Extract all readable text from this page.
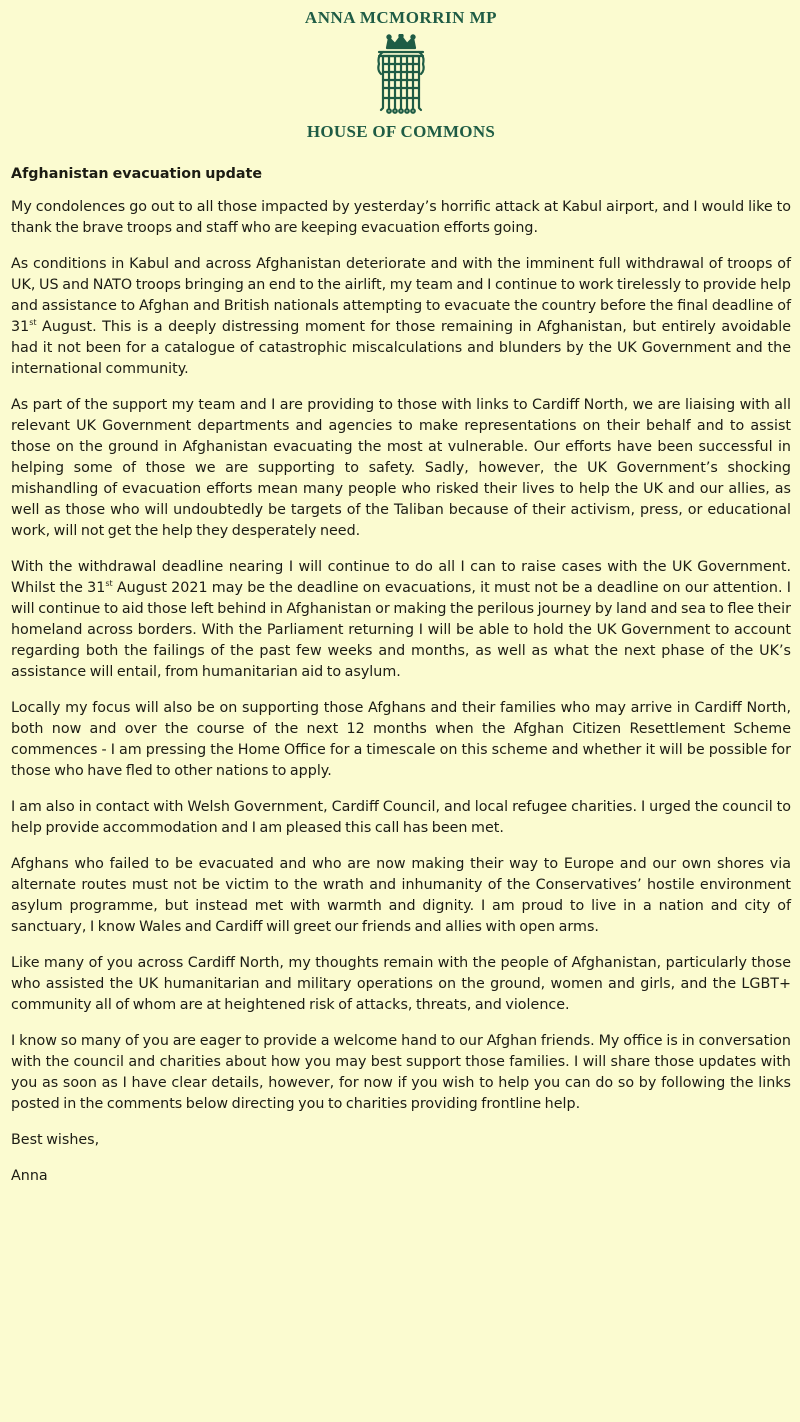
ANNA MCMORRIN MP
HOUSE OF COMMONS
Afghanistan evacuation update

My condolences go out to all those impacted by yesterday’s horrific attack at Kabul airport, and I would like to thank the brave troops and staff who are keeping evacuation efforts going.

As conditions in Kabul and across Afghanistan deteriorate and with the imminent full withdrawal of troops of UK, US and NATO troops bringing an end to the airlift, my team and I continue to work tirelessly to provide help and assistance to Afghan and British nationals attempting to evacuate the country before the final deadline of 31st August. This is a deeply distressing moment for those remaining in Afghanistan, but entirely avoidable had it not been for a catalogue of catastrophic miscalculations and blunders by the UK Government and the international community.

As part of the support my team and I are providing to those with links to Cardiff North, we are liaising with all relevant UK Government departments and agencies to make representations on their behalf and to assist those on the ground in Afghanistan evacuating the most at vulnerable. Our efforts have been successful in helping some of those we are supporting to safety. Sadly, however, the UK Government’s shocking mishandling of evacuation efforts mean many people who risked their lives to help the UK and our allies, as well as those who will undoubtedly be targets of the Taliban because of their activism, press, or educational work, will not get the help they desperately need.

With the withdrawal deadline nearing I will continue to do all I can to raise cases with the UK Government. Whilst the 31st August 2021 may be the deadline on evacuations, it must not be a deadline on our attention. I will continue to aid those left behind in Afghanistan or making the perilous journey by land and sea to flee their homeland across borders. With the Parliament returning I will be able to hold the UK Government to account regarding both the failings of the past few weeks and months, as well as what the next phase of the UK’s assistance will entail, from humanitarian aid to asylum.

Locally my focus will also be on supporting those Afghans and their families who may arrive in Cardiff North, both now and over the course of the next 12 months when the Afghan Citizen Resettlement Scheme commences - I am pressing the Home Office for a timescale on this scheme and whether it will be possible for those who have fled to other nations to apply.

I am also in contact with Welsh Government, Cardiff Council, and local refugee charities. I urged the council to help provide accommodation and I am pleased this call has been met.

Afghans who failed to be evacuated and who are now making their way to Europe and our own shores via alternate routes must not be victim to the wrath and inhumanity of the Conservatives’ hostile environment asylum programme, but instead met with warmth and dignity. I am proud to live in a nation and city of sanctuary, I know Wales and Cardiff will greet our friends and allies with open arms.

Like many of you across Cardiff North, my thoughts remain with the people of Afghanistan, particularly those who assisted the UK humanitarian and military operations on the ground, women and girls, and the LGBT+ community all of whom are at heightened risk of attacks, threats, and violence.

I know so many of you are eager to provide a welcome hand to our Afghan friends. My office is in conversation with the council and charities about how you may best support those families. I will share those updates with you as soon as I have clear details, however, for now if you wish to help you can do so by following the links posted in the comments below directing you to charities providing frontline help.

Best wishes,

Anna
